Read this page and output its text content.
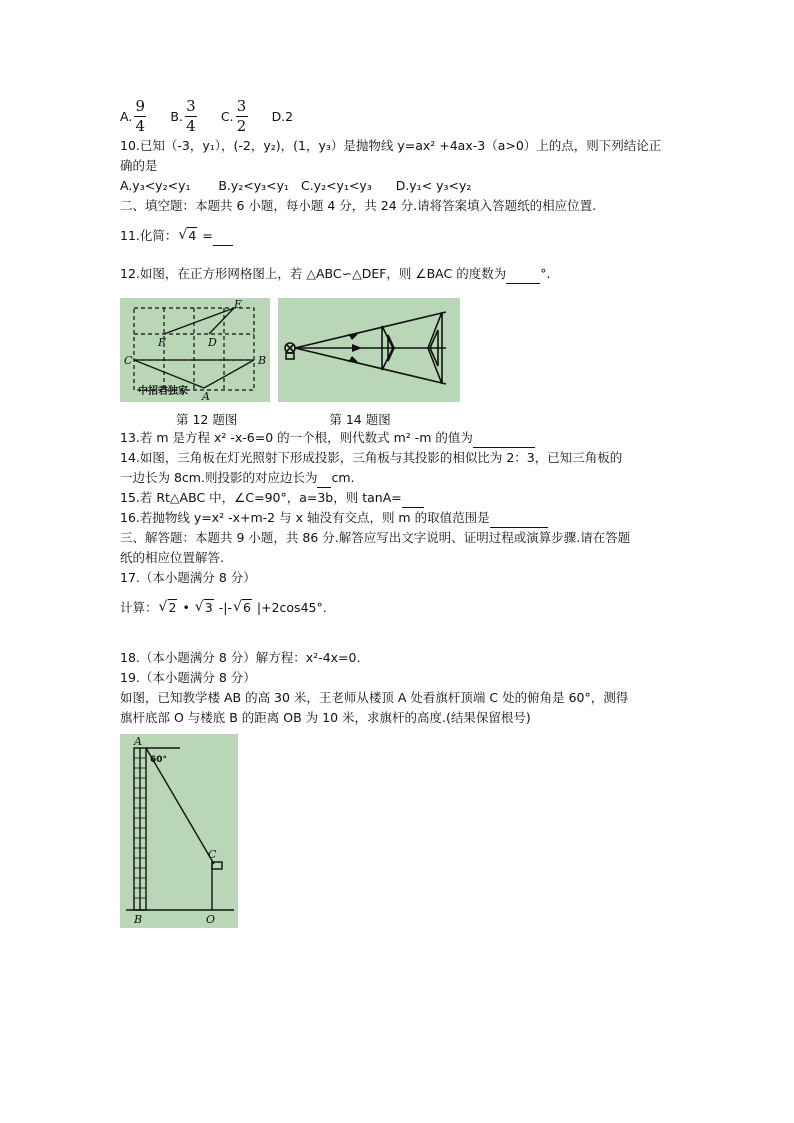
A. $\frac{9}{4} B$. $\frac{3}{4} C$. $\frac{3}{2} D.2$
10.已知（-3，y₁），(-2，y₂)，(1，y₃）是抛物线 y=ax² +4ax-3（a>0）上的点，则下列结论正
确的是
A.y₃<y₂<y₁ B.y₂<y₃<y₁ C.y₂<y₁<y₃ D.y₁< y₃<y₂
二、填空题：本题共 6 小题，每小题 4 分，共 24 分.请将答案填入答题纸的相应位置.
11.化简： √ 4 =
12.如图，在正方形网格图上，若 △ABC∽△DEF，则 ∠BAC 的度数为	°.
E
F	D
C	B
A
中招君独家
第 12 题图	第 14 题图
13.若 m 是方程 x² -x-6=0 的一个根，则代数式 m² -m 的值为
14.如图，三角板在灯光照射下形成投影，三角板与其投影的相似比为 2：3，已知三角板的
一边长为 8cm.则投影的对应边长为 cm.
15.若 Rt△ABC 中，∠C=90°，a=3b，则 tanA=
16.若抛物线 y=x² -x+m-2 与 x 轴没有交点，则 m 的取值范围是
三、解答题：本题共 9 小题，共 86 分.解答应写出文字说明、证明过程或演算步骤.请在答题
纸的相应位置解答.
17.（本小题满分 8 分）
计算： √ 2 • √ 3 -|- √ 6 |+2cos45°.
18.（本小题满分 8 分）解方程：x²-4x=0.
19.（本小题满分 8 分）
如图，已知教学楼 AB 的高 30 米，王老师从楼顶 A 处看旗杆顶端 C 处的俯角是 60°，测得
旗杆底部 O 与楼底 B 的距离 OB 为 10 米，求旗杆的高度.(结果保留根号)
A
C
B	O
60°
